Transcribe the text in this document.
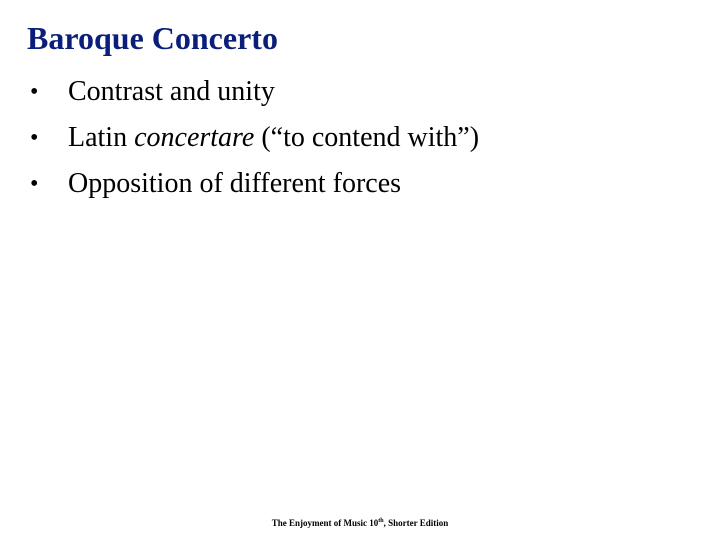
Baroque Concerto
• Contrast and unity
• Latin concertare (“to contend with”)
• Opposition of different forces
The Enjoyment of Music 10th, Shorter Edition
